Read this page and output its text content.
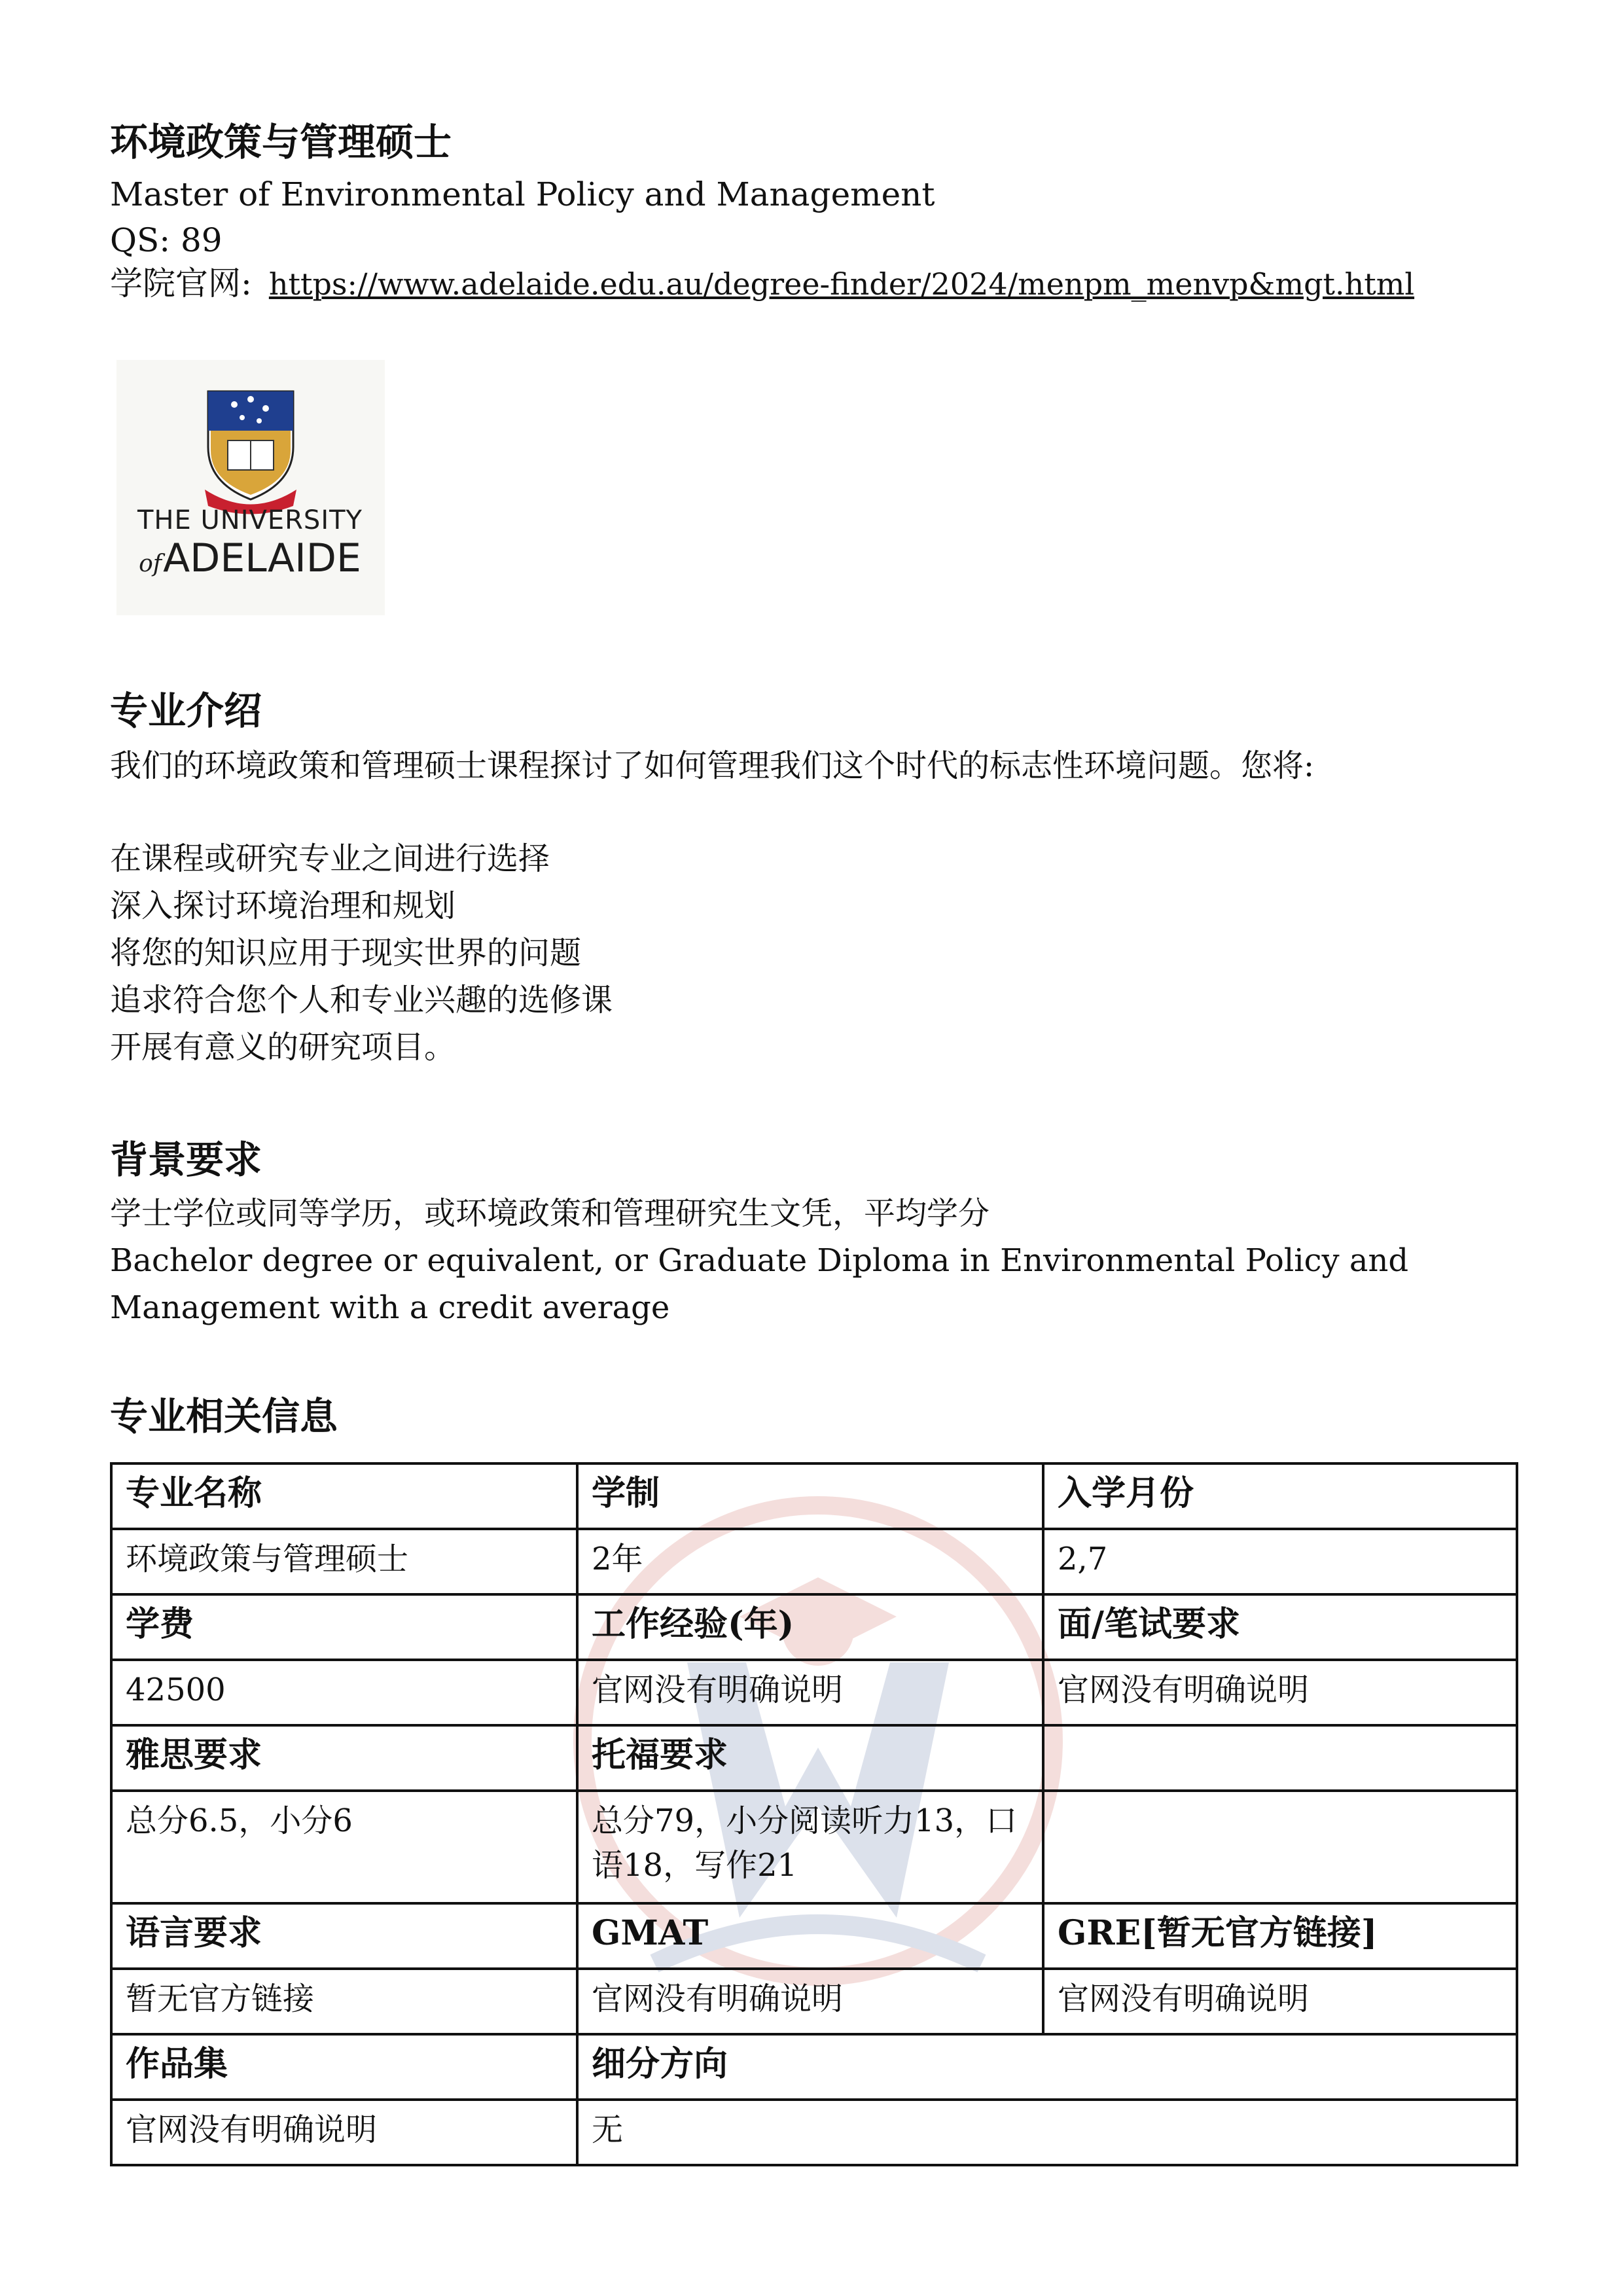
环境政策与管理硕士
Master of Environmental Policy and Management
QS: 89
学院官网: https://www.adelaide.edu.au/degree-finder/2024/menpm_menvp&mgt.html
THE UNIVERSITY
ofADELAIDE
专业介绍
我们的环境政策和管理硕士课程探讨了如何管理我们这个时代的标志性环境问题。您将:
在课程或研究专业之间进行选择
深入探讨环境治理和规划
将您的知识应用于现实世界的问题
追求符合您个人和专业兴趣的选修课
开展有意义的研究项目。
背景要求
学士学位或同等学历，或环境政策和管理研究生文凭，平均学分
Bachelor degree or equivalent, or Graduate Diploma in Environmental Policy and
Management with a credit average
专业相关信息
专业名称	学制	入学月份
环境政策与管理硕士	2年	2,7
学费	工作经验(年)	面/笔试要求
42500	官网没有明确说明	官网没有明确说明
雅思要求	托福要求	
总分6.5，小分6	总分79，小分阅读听力13，口
语18，写作21	
语言要求	GMAT	GRE[暂无官方链接]
暂无官方链接	官网没有明确说明	官网没有明确说明
作品集	细分方向	
官网没有明确说明	无	
